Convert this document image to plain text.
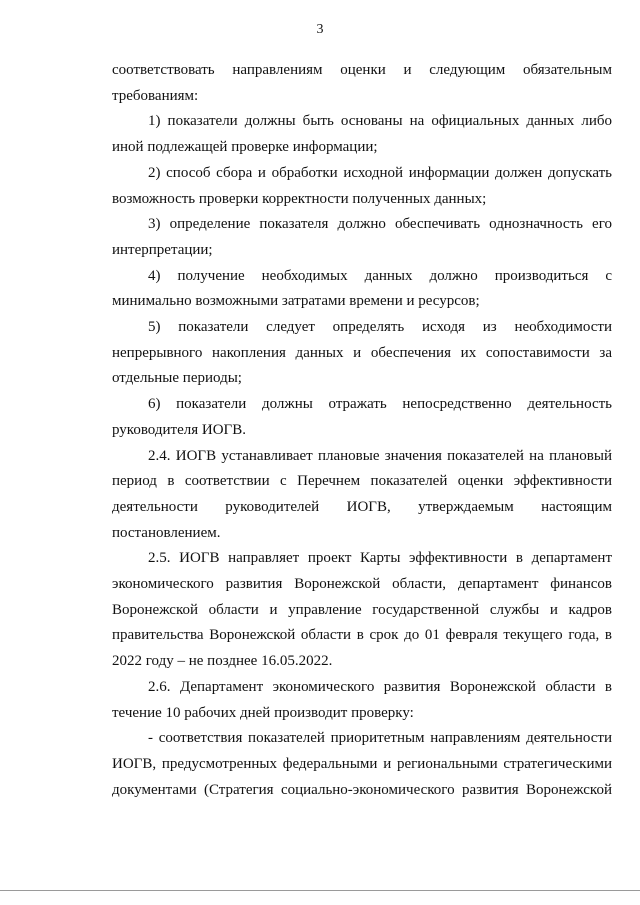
3

соответствовать направлениям оценки и следующим обязательным требованиям:

1) показатели должны быть основаны на официальных данных либо иной подлежащей проверке информации;

2) способ сбора и обработки исходной информации должен допускать возможность проверки корректности полученных данных;

3) определение показателя должно обеспечивать однозначность его интерпретации;

4) получение необходимых данных должно производиться с минимально возможными затратами времени и ресурсов;

5) показатели следует определять исходя из необходимости непрерывного накопления данных и обеспечения их сопоставимости за отдельные периоды;

6) показатели должны отражать непосредственно деятельность руководителя ИОГВ.

2.4. ИОГВ устанавливает плановые значения показателей на плановый период в соответствии с Перечнем показателей оценки эффективности деятельности руководителей ИОГВ, утверждаемым настоящим постановлением.

2.5. ИОГВ направляет проект Карты эффективности в департамент экономического развития Воронежской области, департамент финансов Воронежской области и управление государственной службы и кадров правительства Воронежской области в срок до 01 февраля текущего года, в 2022 году – не позднее 16.05.2022.

2.6. Департамент экономического развития Воронежской области в течение 10 рабочих дней производит проверку:

- соответствия показателей приоритетным направлениям деятельности ИОГВ, предусмотренных федеральными и региональными стратегическими документами (Стратегия социально-экономического развития Воронежской
